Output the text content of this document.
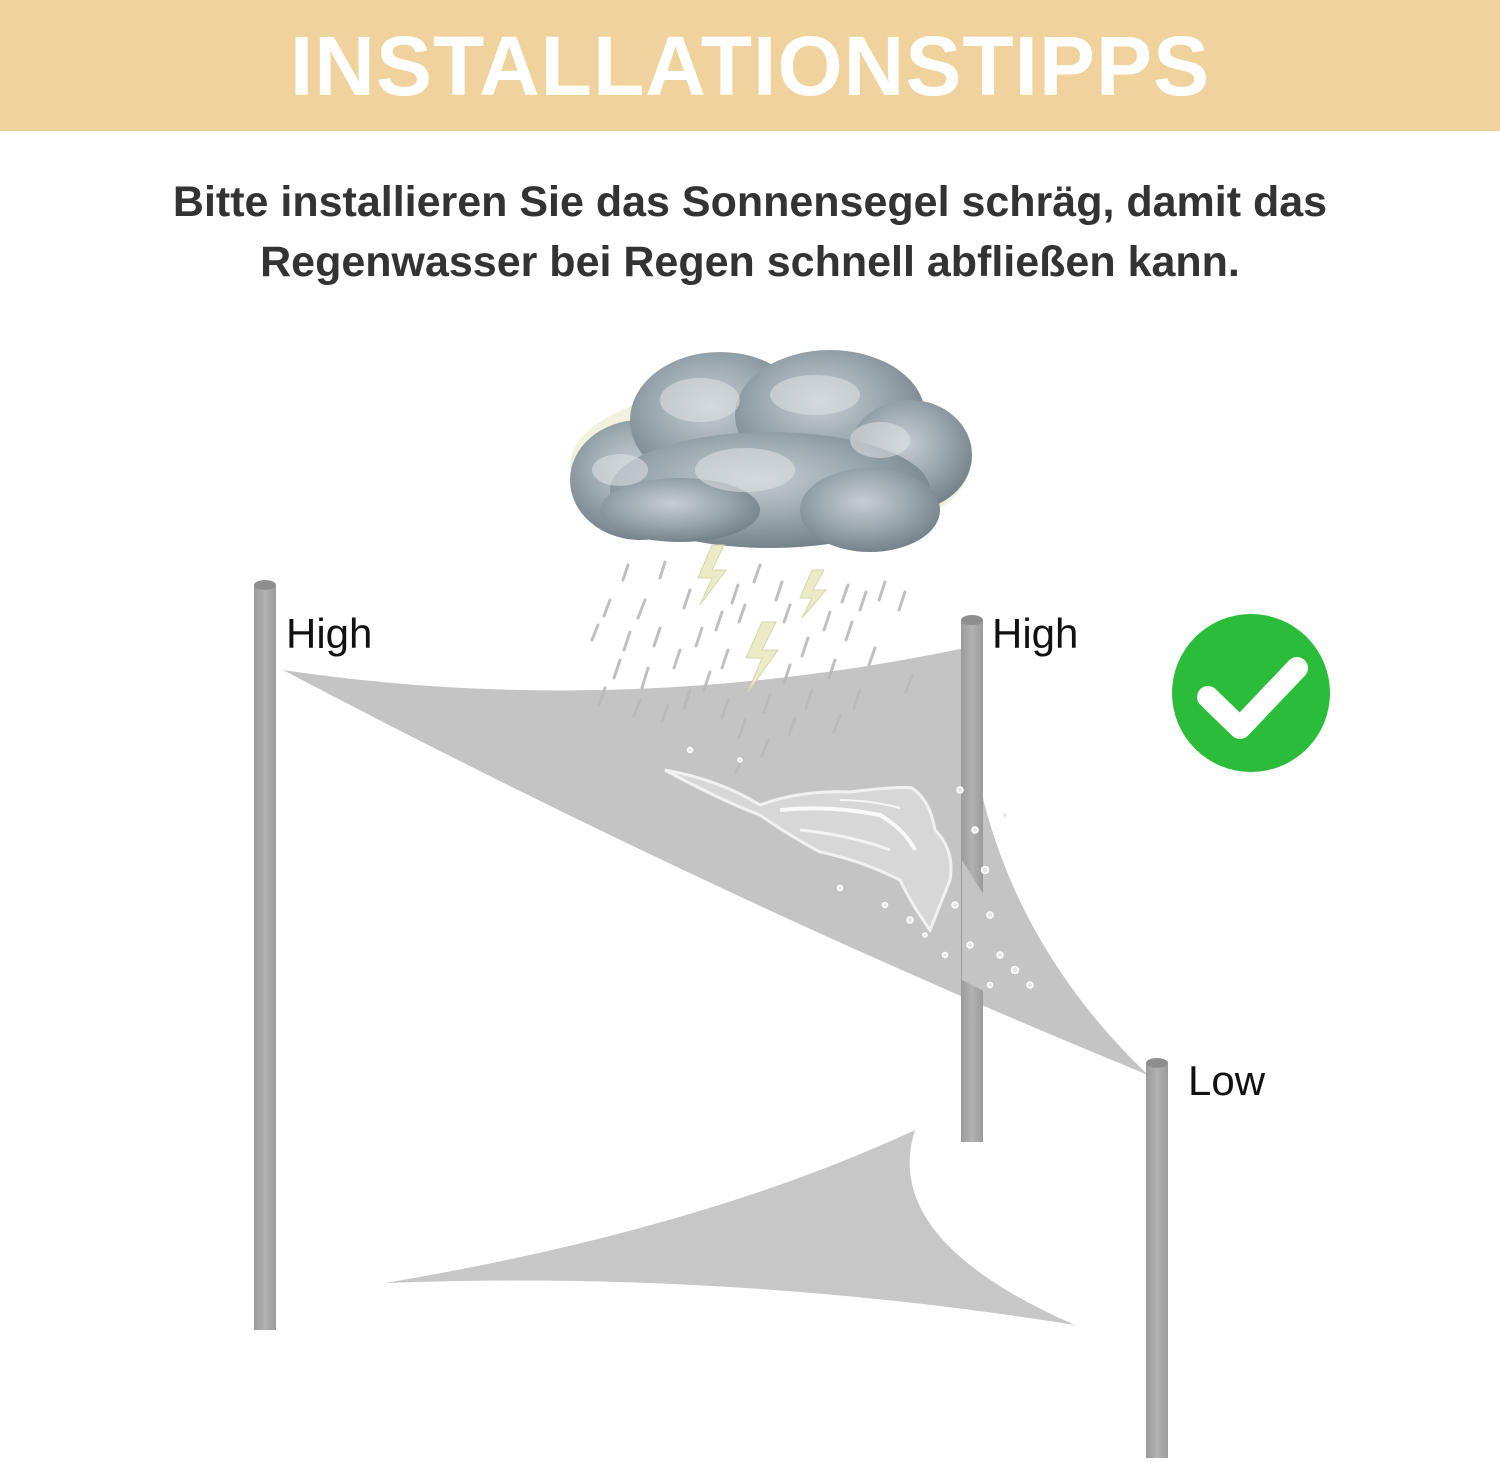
INSTALLATIONSTIPPS
Bitte installieren Sie das Sonnensegel schräg, damit das
Regenwasser bei Regen schnell abfließen kann.
High	High
Low
